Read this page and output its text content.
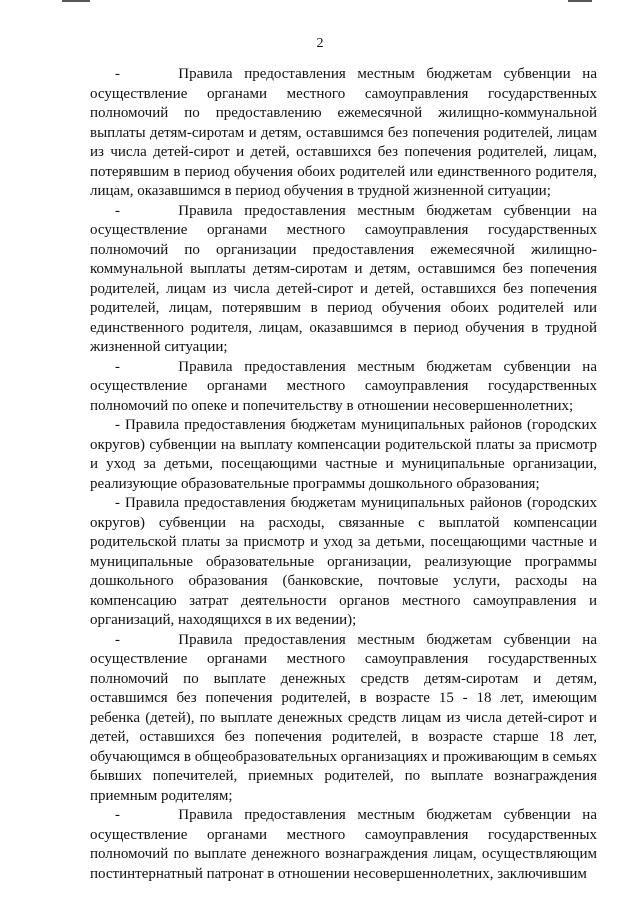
2

-     Правила предоставления местным бюджетам субвенции на осуществление органами местного самоуправления государственных полномочий по предоставлению ежемесячной жилищно-коммунальной выплаты детям-сиротам и детям, оставшимся без попечения родителей, лицам из числа детей-сирот и детей, оставшихся без попечения родителей, лицам, потерявшим в период обучения обоих родителей или единственного родителя, лицам, оказавшимся в период обучения в трудной жизненной ситуации;

-     Правила предоставления местным бюджетам субвенции на осуществление органами местного самоуправления государственных полномочий по организации предоставления ежемесячной жилищно-коммунальной выплаты детям-сиротам и детям, оставшимся без попечения родителей, лицам из числа детей-сирот и детей, оставшихся без попечения родителей, лицам, потерявшим в период обучения обоих родителей или единственного родителя, лицам, оказавшимся в период обучения в трудной жизненной ситуации;

-     Правила предоставления местным бюджетам субвенции на осуществление органами местного самоуправления государственных полномочий по опеке и попечительству в отношении несовершеннолетних;

- Правила предоставления бюджетам муниципальных районов (городских округов) субвенции на выплату компенсации родительской платы за присмотр и уход за детьми, посещающими частные и муниципальные организации, реализующие образовательные программы дошкольного образования;

- Правила предоставления бюджетам муниципальных районов (городских округов) субвенции на расходы, связанные с выплатой компенсации родительской платы за присмотр и уход за детьми, посещающими частные и муниципальные образовательные организации, реализующие программы дошкольного образования (банковские, почтовые услуги, расходы на компенсацию затрат деятельности органов местного самоуправления и организаций, находящихся в их ведении);

-     Правила предоставления местным бюджетам субвенции на осуществление органами местного самоуправления государственных полномочий по выплате денежных средств детям-сиротам и детям, оставшимся без попечения родителей, в возрасте 15 - 18 лет, имеющим ребенка (детей), по выплате денежных средств лицам из числа детей-сирот и детей, оставшихся без попечения родителей, в возрасте старше 18 лет, обучающимся в общеобразовательных организациях и проживающим в семьях бывших попечителей, приемных родителей, по выплате вознаграждения приемным родителям;

-     Правила предоставления местным бюджетам субвенции на осуществление органами местного самоуправления государственных полномочий по выплате денежного вознаграждения лицам, осуществляющим постинтернатный патронат в отношении несовершеннолетних, заключившим
